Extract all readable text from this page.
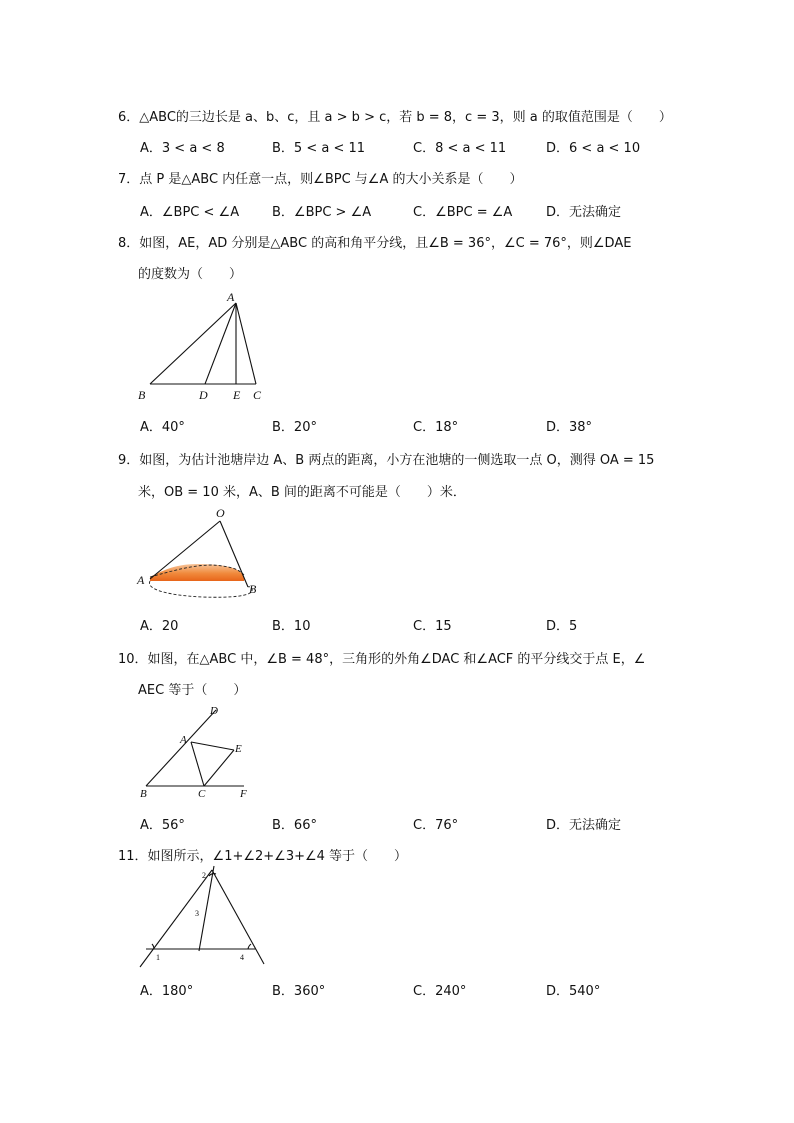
6．△ABC的三边长是 a、b、c，且 a > b > c，若 b = 8，c = 3，则 a 的取值范围是（　　）
A．3 < a < 8	B．5 < a < 11	C．8 < a < 11	D．6 < a < 10
7．点 P 是△ABC 内任意一点，则∠BPC 与∠A 的大小关系是（　　）
A．∠BPC < ∠A	B．∠BPC > ∠A	C．∠BPC = ∠A	D．无法确定
8．如图，AE，AD 分别是△ABC 的高和角平分线，且∠B = 36°，∠C = 76°，则∠DAE
的度数为（　　）
A
B	D E C
A．40°	B．20°	C．18°	D．38°
9．如图，为估计池塘岸边 A、B 两点的距离，小方在池塘的一侧选取一点 O，测得 OA = 15
米，OB = 10 米，A、B 间的距离不可能是（　　）米．
O
A
B
A．20	B．10	C．15	D．5
10．如图，在△ABC 中，∠B = 48°，三角形的外角∠DAC 和∠ACF 的平分线交于点 E，∠
AEC 等于（　　）
D
A
E
B	C	F
A．56°	B．66°	C．76°	D．无法确定
11．如图所示，∠1+∠2+∠3+∠4 等于（　　）
2
3
1	4
A．180°	B．360°	C．240°	D．540°
